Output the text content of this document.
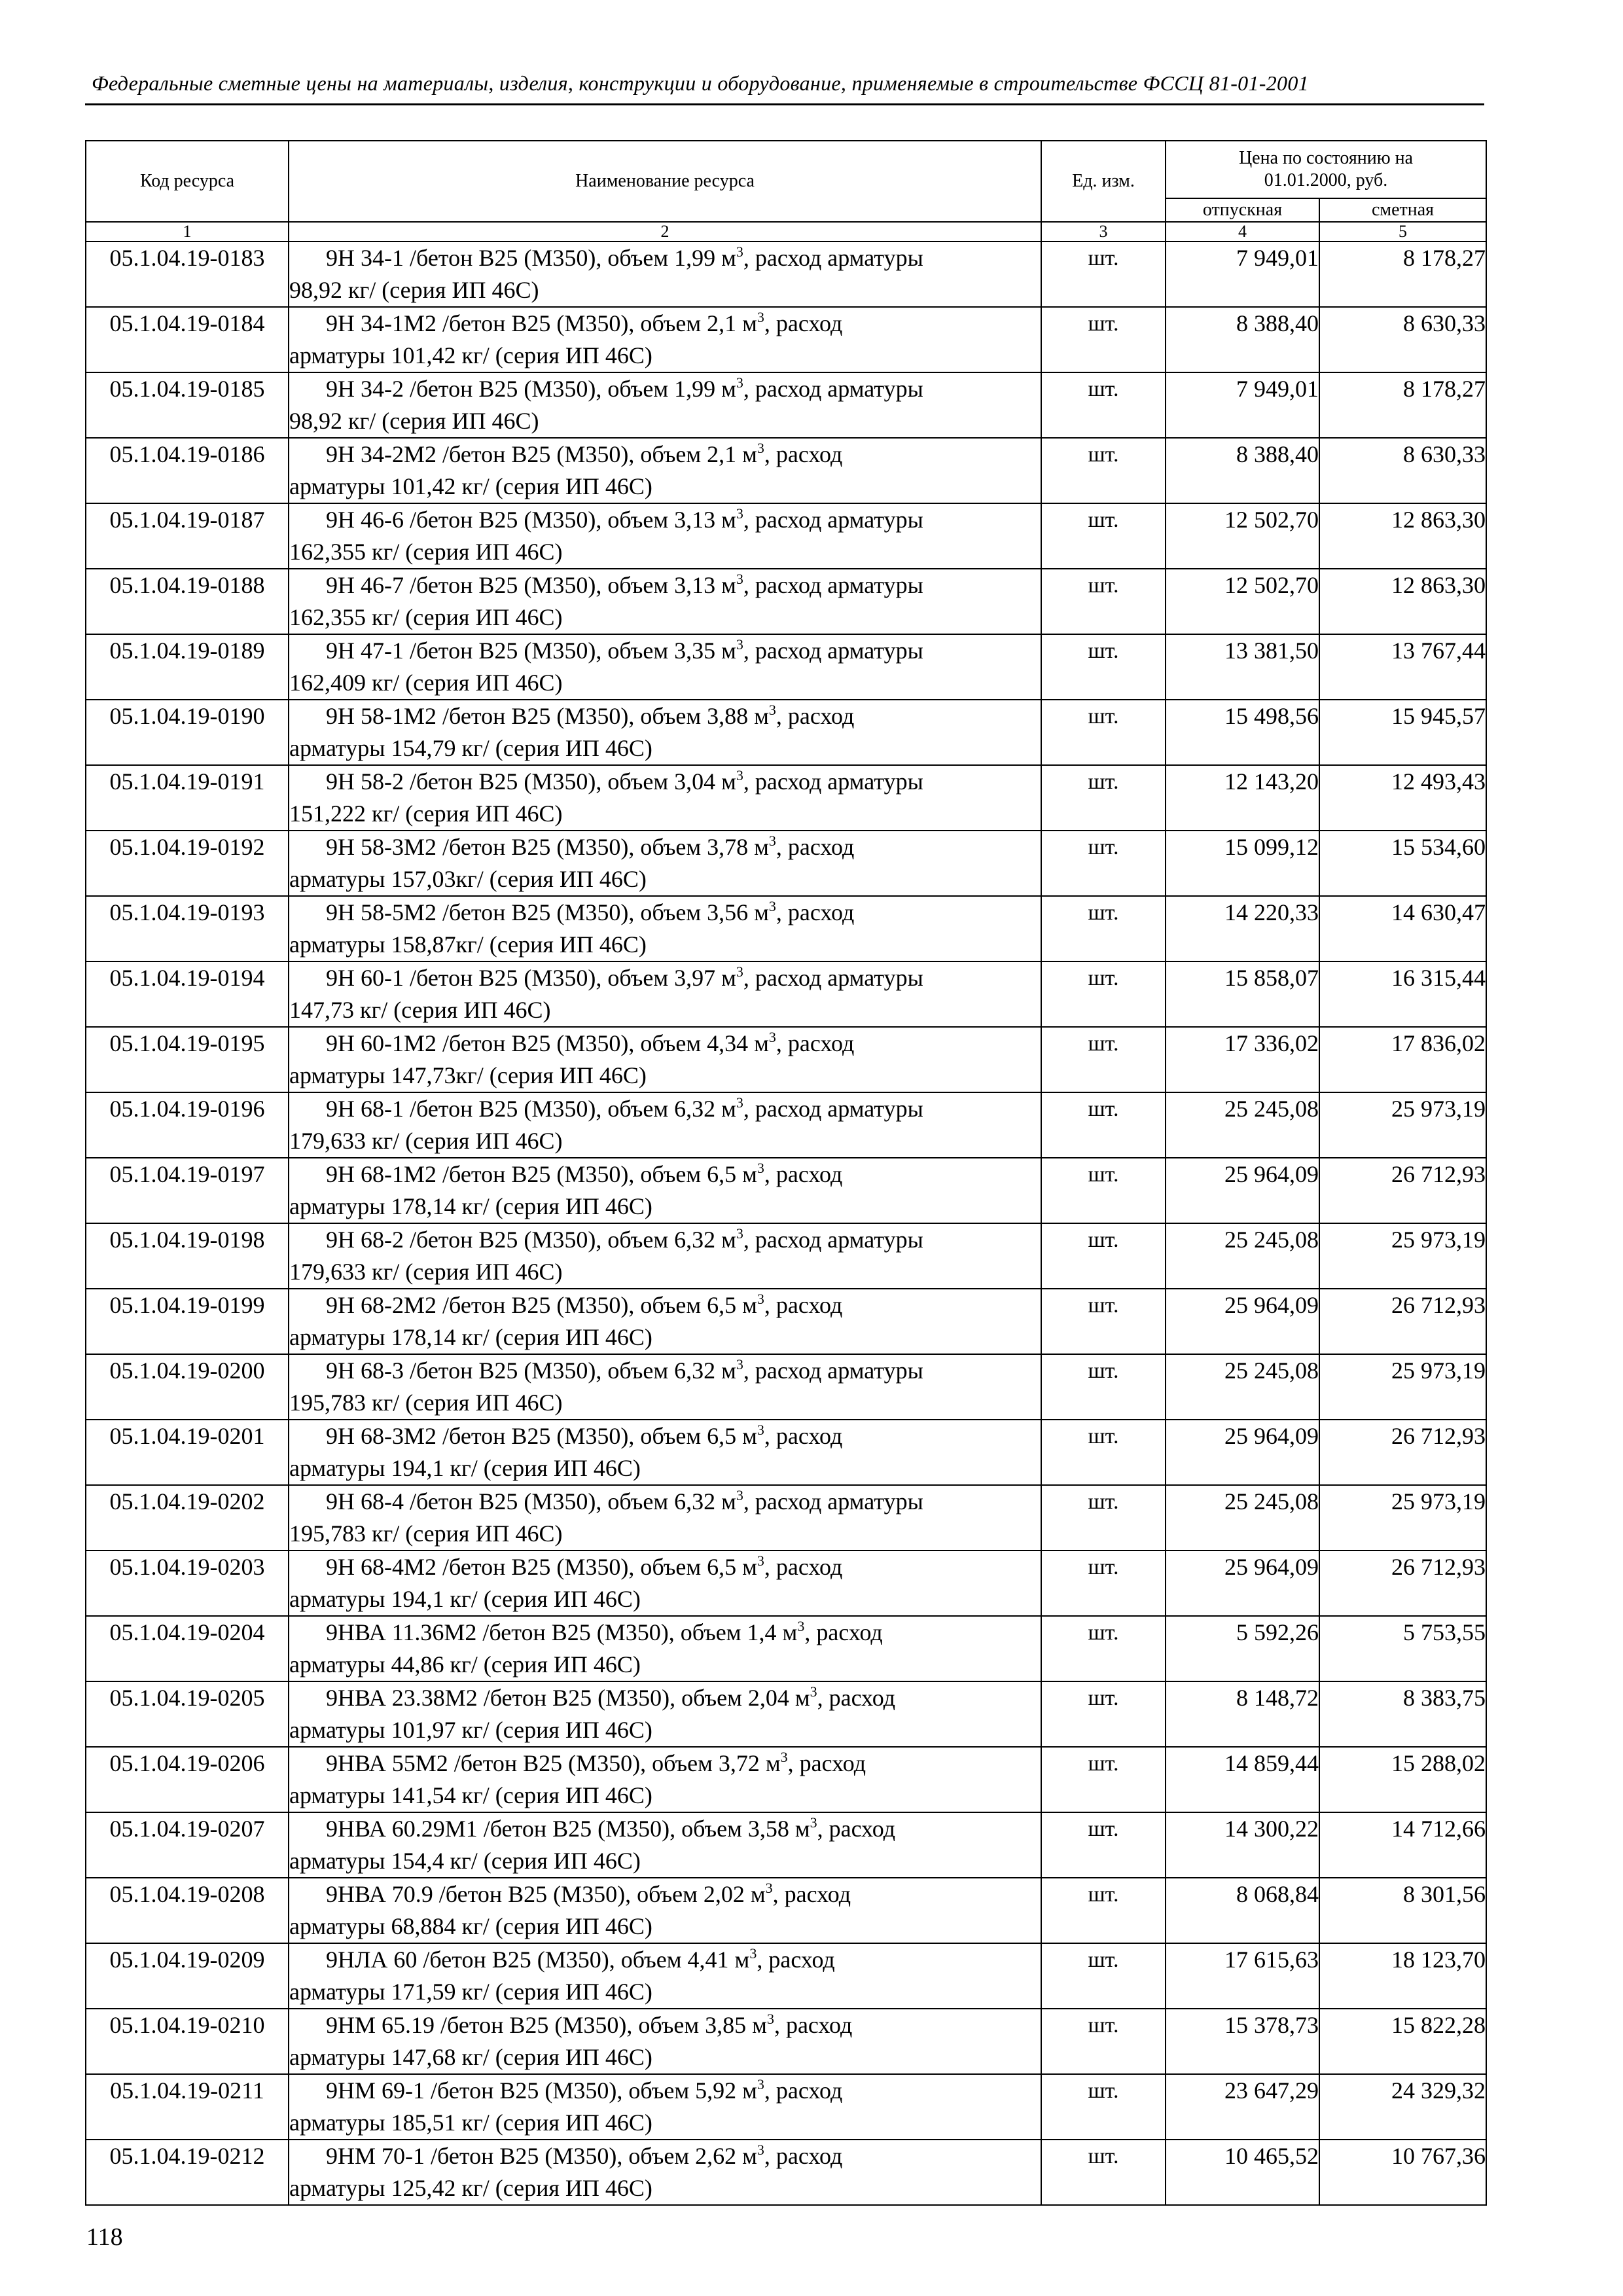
Федеральные сметные цены на материалы, изделия, конструкции и оборудование, применяемые в строительстве ФССЦ 81-01-2001
Код ресурса	Наименование ресурса	Ед. изм.	Цена по состоянию на 01.01.2000, руб.	
			отпускная	сметная
1	2	3	4	5
05.1.04.19-0183	9Н 34-1 /бетон В25 (М350), объем 1,99 $м^3$, расход арматуры
98,92 кг/ (серия ИП 46С)	шт.	7 949,01	8 178,27
05.1.04.19-0184	9Н 34-1М2 /бетон В25 (М350), объем 2,1 $м^3$, расход
арматуры 101,42 кг/ (серия ИП 46С)	шт.	8 388,40	8 630,33
05.1.04.19-0185	9Н 34-2 /бетон В25 (М350), объем 1,99 $м^3$, расход арматуры
98,92 кг/ (серия ИП 46С)	шт.	7 949,01	8 178,27
05.1.04.19-0186	9Н 34-2М2 /бетон В25 (М350), объем 2,1 $м^3$, расход
арматуры 101,42 кг/ (серия ИП 46С)	шт.	8 388,40	8 630,33
05.1.04.19-0187	9Н 46-6 /бетон В25 (М350), объем 3,13 $м^3$, расход арматуры
162,355 кг/ (серия ИП 46С)	шт.	12 502,70	12 863,30
05.1.04.19-0188	9Н 46-7 /бетон В25 (М350), объем 3,13 $м^3$, расход арматуры
162,355 кг/ (серия ИП 46С)	шт.	12 502,70	12 863,30
05.1.04.19-0189	9Н 47-1 /бетон В25 (М350), объем 3,35 $м^3$, расход арматуры
162,409 кг/ (серия ИП 46С)	шт.	13 381,50	13 767,44
05.1.04.19-0190	9Н 58-1М2 /бетон В25 (М350), объем 3,88 $м^3$, расход
арматуры 154,79 кг/ (серия ИП 46С)	шт.	15 498,56	15 945,57
05.1.04.19-0191	9Н 58-2 /бетон В25 (М350), объем 3,04 $м^3$, расход арматуры
151,222 кг/ (серия ИП 46С)	шт.	12 143,20	12 493,43
05.1.04.19-0192	9Н 58-3М2 /бетон В25 (М350), объем 3,78 $м^3$, расход
арматуры 157,03кг/ (серия ИП 46С)	шт.	15 099,12	15 534,60
05.1.04.19-0193	9Н 58-5М2 /бетон В25 (М350), объем 3,56 $м^3$, расход
арматуры 158,87кг/ (серия ИП 46С)	шт.	14 220,33	14 630,47
05.1.04.19-0194	9Н 60-1 /бетон В25 (М350), объем 3,97 $м^3$, расход арматуры
147,73 кг/ (серия ИП 46С)	шт.	15 858,07	16 315,44
05.1.04.19-0195	9Н 60-1М2 /бетон В25 (М350), объем 4,34 $м^3$, расход
арматуры 147,73кг/ (серия ИП 46С)	шт.	17 336,02	17 836,02
05.1.04.19-0196	9Н 68-1 /бетон В25 (М350), объем 6,32 $м^3$, расход арматуры
179,633 кг/ (серия ИП 46С)	шт.	25 245,08	25 973,19
05.1.04.19-0197	9Н 68-1М2 /бетон В25 (М350), объем 6,5 $м^3$, расход
арматуры 178,14 кг/ (серия ИП 46С)	шт.	25 964,09	26 712,93
05.1.04.19-0198	9Н 68-2 /бетон В25 (М350), объем 6,32 $м^3$, расход арматуры
179,633 кг/ (серия ИП 46С)	шт.	25 245,08	25 973,19
05.1.04.19-0199	9Н 68-2М2 /бетон В25 (М350), объем 6,5 $м^3$, расход
арматуры 178,14 кг/ (серия ИП 46С)	шт.	25 964,09	26 712,93
05.1.04.19-0200	9Н 68-3 /бетон В25 (М350), объем 6,32 $м^3$, расход арматуры
195,783 кг/ (серия ИП 46С)	шт.	25 245,08	25 973,19
05.1.04.19-0201	9Н 68-3М2 /бетон В25 (М350), объем 6,5 $м^3$, расход
арматуры 194,1 кг/ (серия ИП 46С)	шт.	25 964,09	26 712,93
05.1.04.19-0202	9Н 68-4 /бетон В25 (М350), объем 6,32 $м^3$, расход арматуры
195,783 кг/ (серия ИП 46С)	шт.	25 245,08	25 973,19
05.1.04.19-0203	9Н 68-4М2 /бетон В25 (М350), объем 6,5 $м^3$, расход
арматуры 194,1 кг/ (серия ИП 46С)	шт.	25 964,09	26 712,93
05.1.04.19-0204	9НВА 11.36М2 /бетон В25 (М350), объем 1,4 $м^3$, расход
арматуры 44,86 кг/ (серия ИП 46С)	шт.	5 592,26	5 753,55
05.1.04.19-0205	9НВА 23.38М2 /бетон В25 (М350), объем 2,04 $м^3$, расход
арматуры 101,97 кг/ (серия ИП 46С)	шт.	8 148,72	8 383,75
05.1.04.19-0206	9НВА 55М2 /бетон В25 (М350), объем 3,72 $м^3$, расход
арматуры 141,54 кг/ (серия ИП 46С)	шт.	14 859,44	15 288,02
05.1.04.19-0207	9НВА 60.29М1 /бетон В25 (М350), объем 3,58 $м^3$, расход
арматуры 154,4 кг/ (серия ИП 46С)	шт.	14 300,22	14 712,66
05.1.04.19-0208	9НВА 70.9 /бетон В25 (М350), объем 2,02 $м^3$, расход
арматуры 68,884 кг/ (серия ИП 46С)	шт.	8 068,84	8 301,56
05.1.04.19-0209	9НЛА 60 /бетон В25 (М350), объем 4,41 $м^3$, расход
арматуры 171,59 кг/ (серия ИП 46С)	шт.	17 615,63	18 123,70
05.1.04.19-0210	9НМ 65.19 /бетон В25 (М350), объем 3,85 $м^3$, расход
арматуры 147,68 кг/ (серия ИП 46С)	шт.	15 378,73	15 822,28
05.1.04.19-0211	9НМ 69-1 /бетон В25 (М350), объем 5,92 $м^3$, расход
арматуры 185,51 кг/ (серия ИП 46С)	шт.	23 647,29	24 329,32
05.1.04.19-0212	9НМ 70-1 /бетон В25 (М350), объем 2,62 $м^3$, расход
арматуры 125,42 кг/ (серия ИП 46С)	шт.	10 465,52	10 767,36
118
